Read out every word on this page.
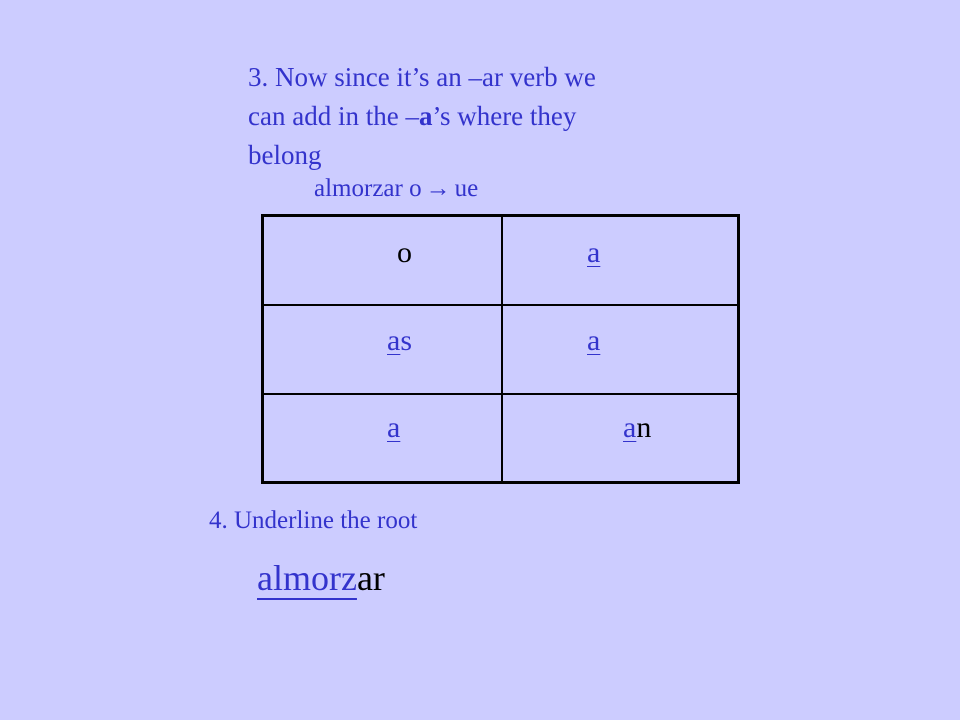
3. Now since it’s an –ar verb we
can add in the –a’s where they
belong
almorzar o → ue
o	a
as	a
a	an
4. Underline the root
almorzar
